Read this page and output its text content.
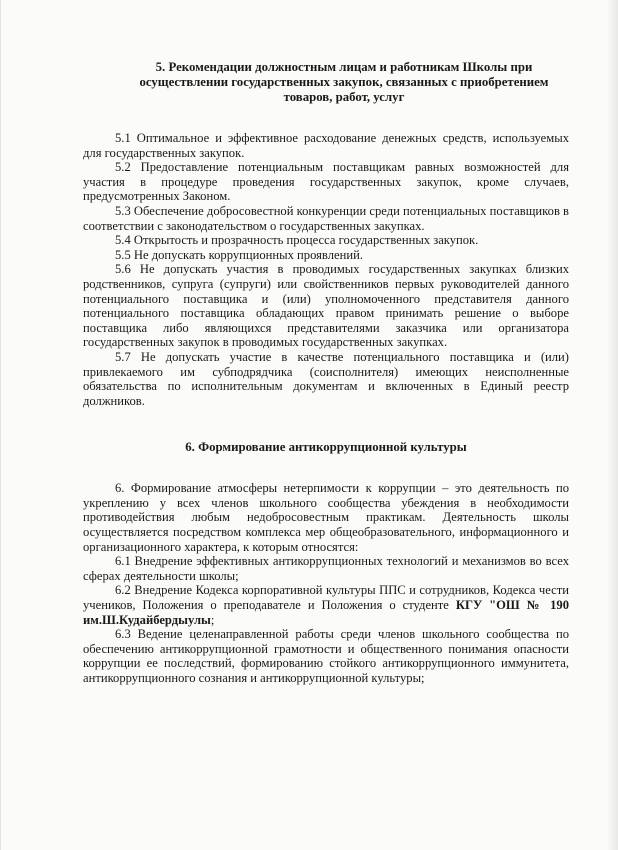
5. Рекомендации должностным лицам и работникам Школы при
осуществлении государственных закупок, связанных с приобретением
товаров, работ, услуг

5.1 Оптимальное и эффективное расходование денежных средств, используемых для государственных закупок.

5.2 Предоставление потенциальным поставщикам равных возможностей для участия в процедуре проведения государственных закупок, кроме случаев, предусмотренных Законом.

5.3 Обеспечение добросовестной конкуренции среди потенциальных поставщиков в соответствии с законодательством о государственных закупках.

5.4 Открытость и прозрачность процесса государственных закупок.

5.5 Не допускать коррупционных проявлений.

5.6 Не допускать участия в проводимых государственных закупках близких родственников, супруга (супруги) или свойственников первых руководителей данного потенциального поставщика и (или) уполномоченного представителя данного потенциального поставщика обладающих правом принимать решение о выборе поставщика либо являющихся представителями заказчика или организатора государственных закупок в проводимых государственных закупках.

5.7 Не допускать участие в качестве потенциального поставщика и (или) привлекаемого им субподрядчика (соисполнителя) имеющих неисполненные обязательства по исполнительным документам и включенных в Единый реестр должников.

6. Формирование антикоррупционной культуры

6. Формирование атмосферы нетерпимости к коррупции – это деятельность по укреплению у всех членов школьного сообщества убеждения в необходимости противодействия любым недобросовестным практикам. Деятельность школы осуществляется посредством комплекса мер общеобразовательного, информационного и организационного характера, к которым относятся:

6.1 Внедрение эффективных антикоррупционных технологий и механизмов во всех сферах деятельности школы;

6.2 Внедрение Кодекса корпоративной культуры ППС и сотрудников, Кодекса чести учеников, Положения о преподавателе и Положения о студенте КГУ "ОШ № 190 им.Ш.Кудайбердыулы;

6.3 Ведение целенаправленной работы среди членов школьного сообщества по обеспечению антикоррупционной грамотности и общественного понимания опасности коррупции ее последствий, формированию стойкого антикоррупционного иммунитета, антикоррупционного сознания и антикоррупционной культуры;
